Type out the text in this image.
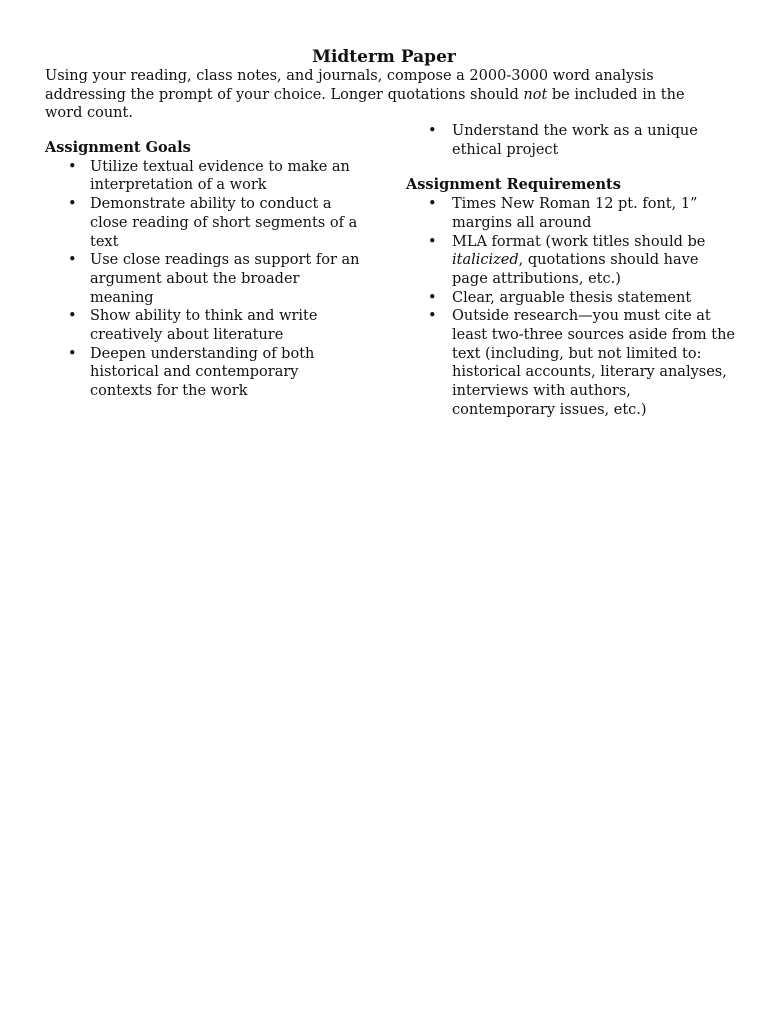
Midterm Paper
Using your reading, class notes, and journals, compose a 2000-3000 word analysis addressing the prompt of your choice. Longer quotations should not be included in the word count.
Assignment Goals
• Utilize textual evidence to make an interpretation of a work
• Demonstrate ability to conduct a close reading of short segments of a text
• Use close readings as support for an argument about the broader meaning
• Show ability to think and write creatively about literature
• Deepen understanding of both historical and contemporary contexts for the work
• Understand the work as a unique ethical project
Assignment Requirements
• Times New Roman 12 pt. font, 1” margins all around
• MLA format (work titles should be italicized, quotations should have page attributions, etc.)
• Clear, arguable thesis statement
• Outside research—you must cite at least two-three sources aside from the text (including, but not limited to: historical accounts, literary analyses, interviews with authors, contemporary issues, etc.)
